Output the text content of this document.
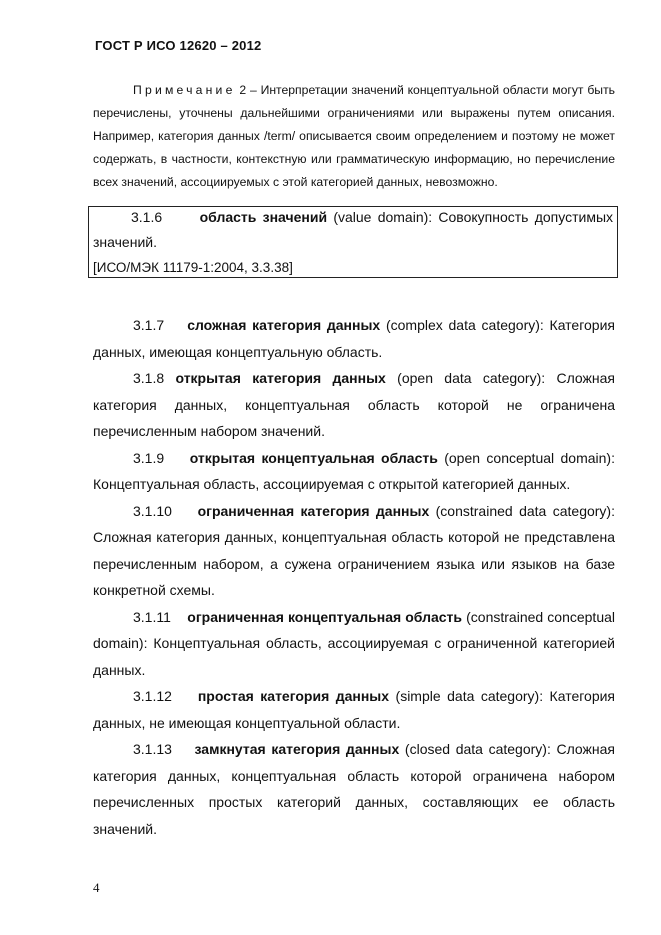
ГОСТ Р ИСО 12620 – 2012

Примечание 2 – Интерпретации значений концептуальной области могут быть перечислены, уточнены дальнейшими ограничениями или выражены путем описания. Например, категория данных /term/ описывается своим определением и поэтому не может содержать, в частности, контекстную или грамматическую информацию, но перечисление всех значений, ассоциируемых с этой категорией данных, невозможно.

3.1.6	область значений (value domain): Совокупность допустимых значений.
[ИСО/МЭК 11179-1:2004, 3.3.38]

3.1.7 сложная категория данных (complex data category): Категория данных, имеющая концептуальную область.

3.1.8 открытая категория данных (open data category): Сложная категория данных, концептуальная область которой не ограничена перечисленным набором значений.

3.1.9 открытая концептуальная область (open conceptual domain): Концептуальная область, ассоциируемая с открытой категорией данных.

3.1.10 ограниченная категория данных (constrained data category): Сложная категория данных, концептуальная область которой не представлена перечисленным набором, а сужена ограничением языка или языков на базе конкретной схемы.

3.1.11 ограниченная концептуальная область (constrained conceptual domain): Концептуальная область, ассоциируемая с ограниченной категорией данных.

3.1.12 простая категория данных (simple data category): Категория данных, не имеющая концептуальной области.

3.1.13 замкнутая категория данных (closed data category): Сложная категория данных, концептуальная область которой ограничена набором перечисленных простых категорий данных, составляющих ее область значений.

4
